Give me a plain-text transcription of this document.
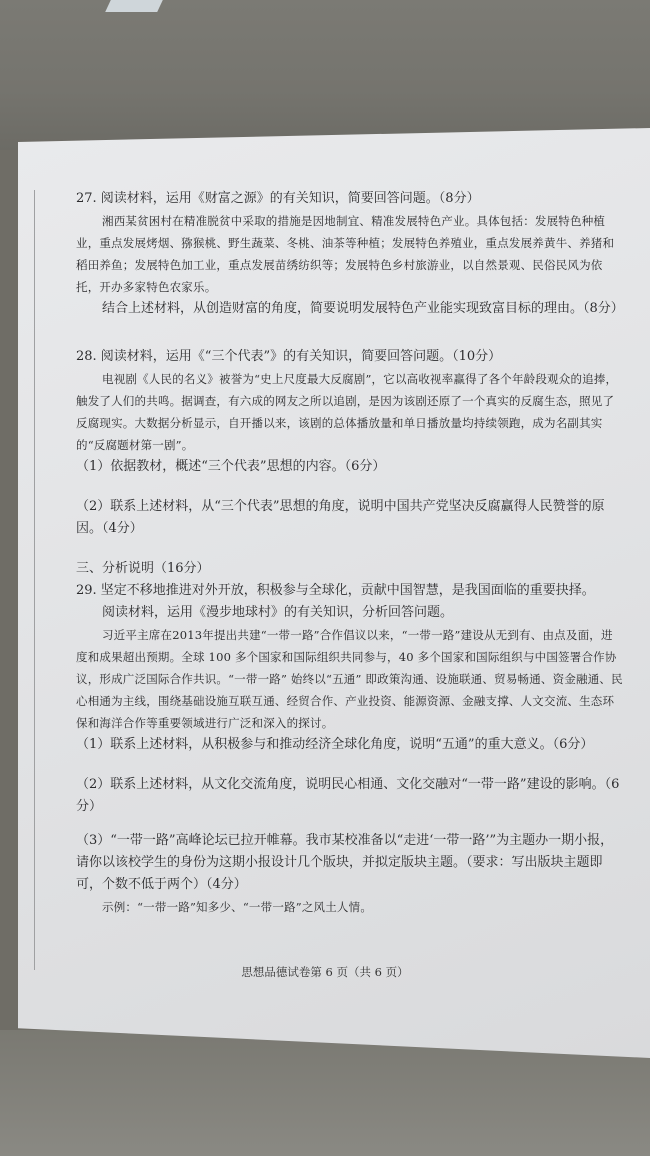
27. 阅读材料，运用《财富之源》的有关知识，简要回答问题。（8分）

湘西某贫困村在精准脱贫中采取的措施是因地制宜、精准发展特色产业。具体包括：发展特色种植业，重点发展烤烟、猕猴桃、野生蔬菜、冬桃、油茶等种植；发展特色养殖业，重点发展养黄牛、养猪和稻田养鱼；发展特色加工业，重点发展苗绣纺织等；发展特色乡村旅游业，以自然景观、民俗民风为依托，开办多家特色农家乐。

结合上述材料，从创造财富的角度，简要说明发展特色产业能实现致富目标的理由。（8分）

28. 阅读材料，运用《“三个代表”》的有关知识，简要回答问题。（10分）

电视剧《人民的名义》被誉为“史上尺度最大反腐剧”，它以高收视率赢得了各个年龄段观众的追捧，触发了人们的共鸣。据调查，有六成的网友之所以追剧，是因为该剧还原了一个真实的反腐生态，照见了反腐现实。大数据分析显示，自开播以来，该剧的总体播放量和单日播放量均持续领跑，成为名副其实的“反腐题材第一剧”。

（1）依据教材，概述“三个代表”思想的内容。（6分）

（2）联系上述材料，从“三个代表”思想的角度，说明中国共产党坚决反腐赢得人民赞誉的原因。（4分）

三、分析说明（16分）

29. 坚定不移地推进对外开放，积极参与全球化，贡献中国智慧，是我国面临的重要抉择。

阅读材料，运用《漫步地球村》的有关知识，分析回答问题。

习近平主席在2013年提出共建“一带一路”合作倡议以来，“一带一路”建设从无到有、由点及面，进度和成果超出预期。全球 100 多个国家和国际组织共同参与，40 多个国家和国际组织与中国签署合作协议，形成广泛国际合作共识。“一带一路” 始终以“五通” 即政策沟通、设施联通、贸易畅通、资金融通、民心相通为主线，围绕基础设施互联互通、经贸合作、产业投资、能源资源、金融支撑、人文交流、生态环保和海洋合作等重要领域进行广泛和深入的探讨。

（1）联系上述材料，从积极参与和推动经济全球化角度，说明“五通”的重大意义。（6分）

（2）联系上述材料，从文化交流角度，说明民心相通、文化交融对“一带一路”建设的影响。（6分）

（3）“一带一路”高峰论坛已拉开帷幕。我市某校准备以“走进‘一带一路’”为主题办一期小报，请你以该校学生的身份为这期小报设计几个版块，并拟定版块主题。（要求：写出版块主题即可，个数不低于两个）（4分）

示例：“一带一路”知多少、“一带一路”之风土人情。

思想品德试卷第 6 页（共 6 页）
